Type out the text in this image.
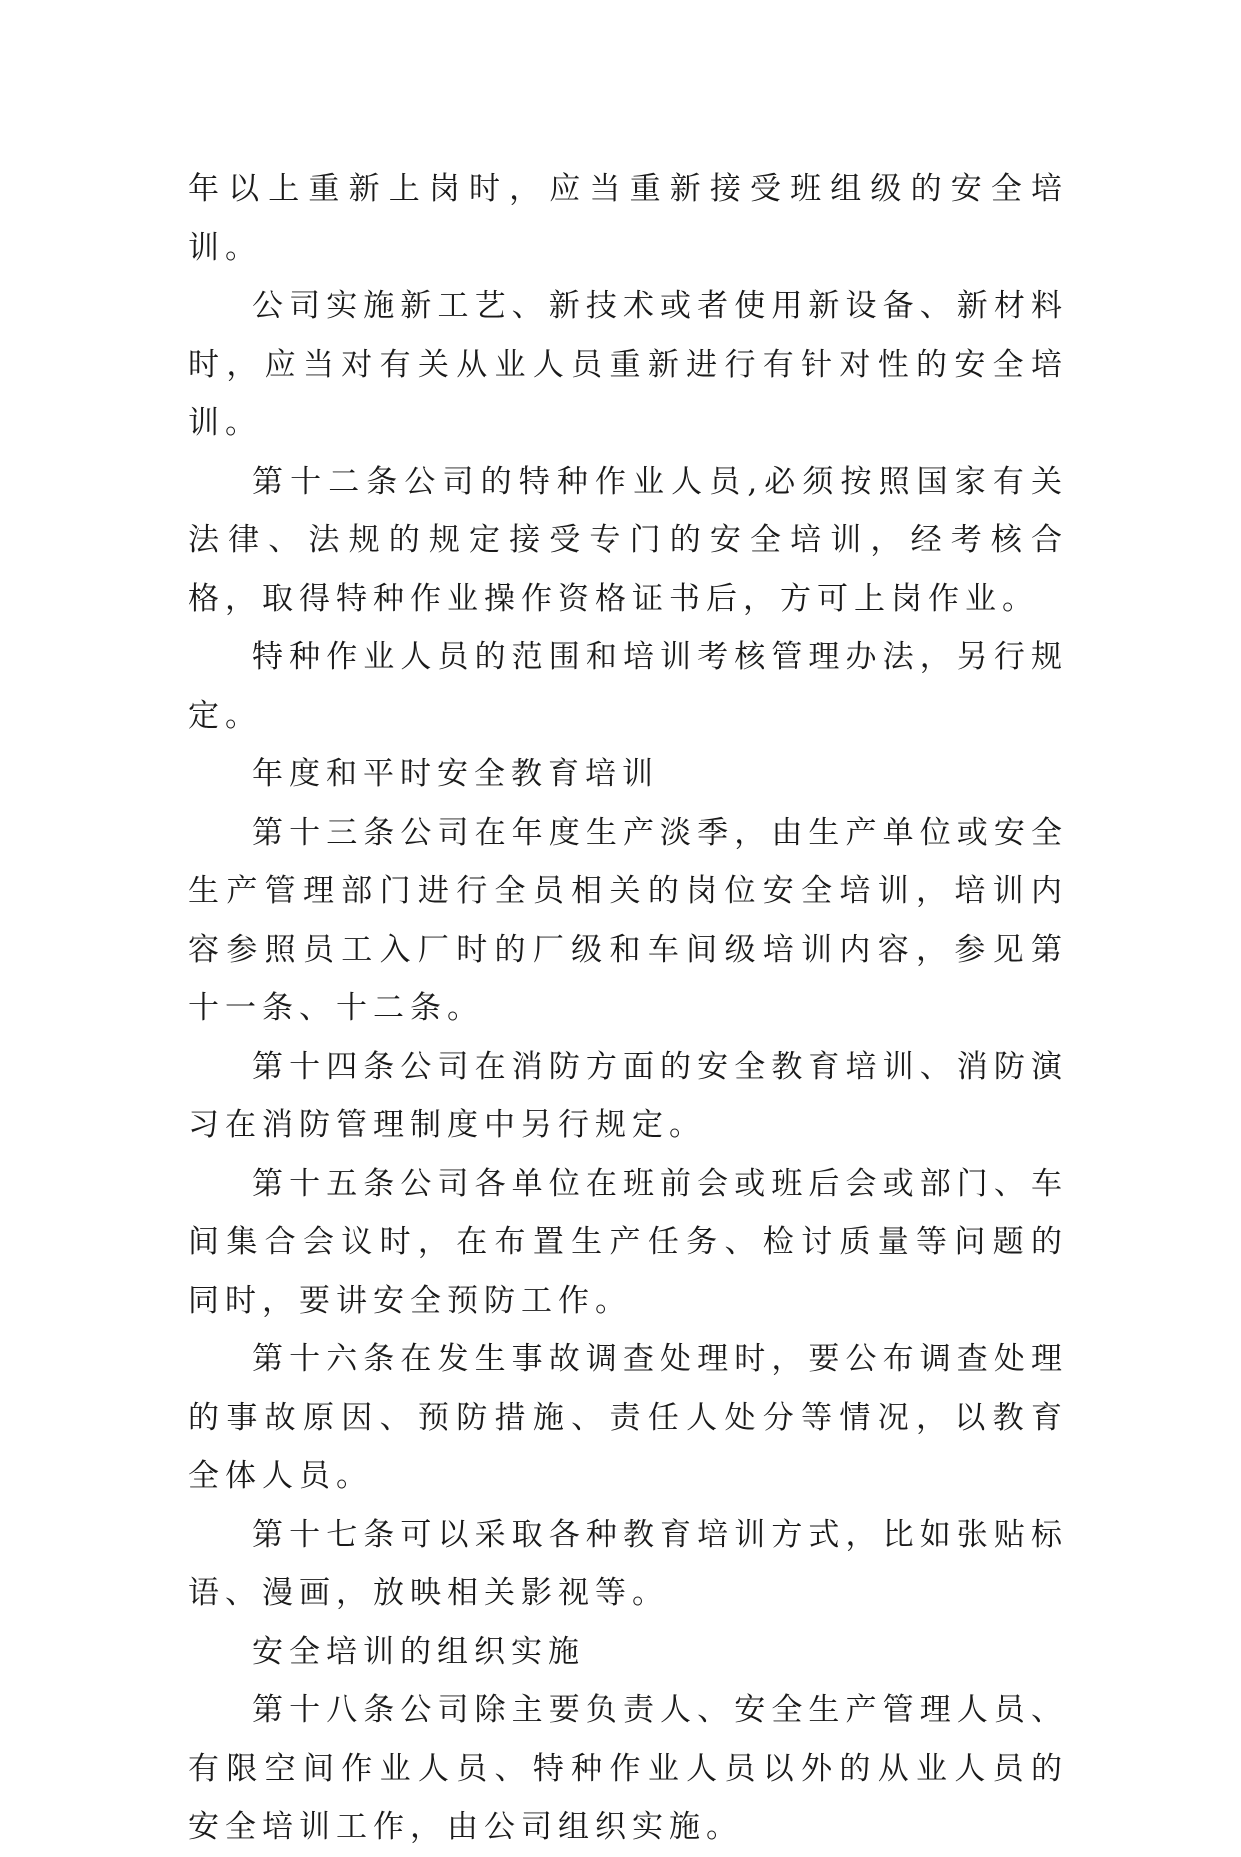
年以上重新上岗时，应当重新接受班组级的安全培训。

公司实施新工艺、新技术或者使用新设备、新材料时，应当对有关从业人员重新进行有针对性的安全培训。

第十二条公司的特种作业人员,必须按照国家有关法律、法规的规定接受专门的安全培训，经考核合格，取得特种作业操作资格证书后，方可上岗作业。

特种作业人员的范围和培训考核管理办法，另行规定。

年度和平时安全教育培训

第十三条公司在年度生产淡季，由生产单位或安全生产管理部门进行全员相关的岗位安全培训，培训内容参照员工入厂时的厂级和车间级培训内容，参见第十一条、十二条。

第十四条公司在消防方面的安全教育培训、消防演习在消防管理制度中另行规定。

第十五条公司各单位在班前会或班后会或部门、车间集合会议时，在布置生产任务、检讨质量等问题的同时，要讲安全预防工作。

第十六条在发生事故调查处理时，要公布调查处理的事故原因、预防措施、责任人处分等情况，以教育全体人员。

第十七条可以采取各种教育培训方式，比如张贴标语、漫画，放映相关影视等。

安全培训的组织实施

第十八条公司除主要负责人、安全生产管理人员、有限空间作业人员、特种作业人员以外的从业人员的安全培训工作，由公司组织实施。
